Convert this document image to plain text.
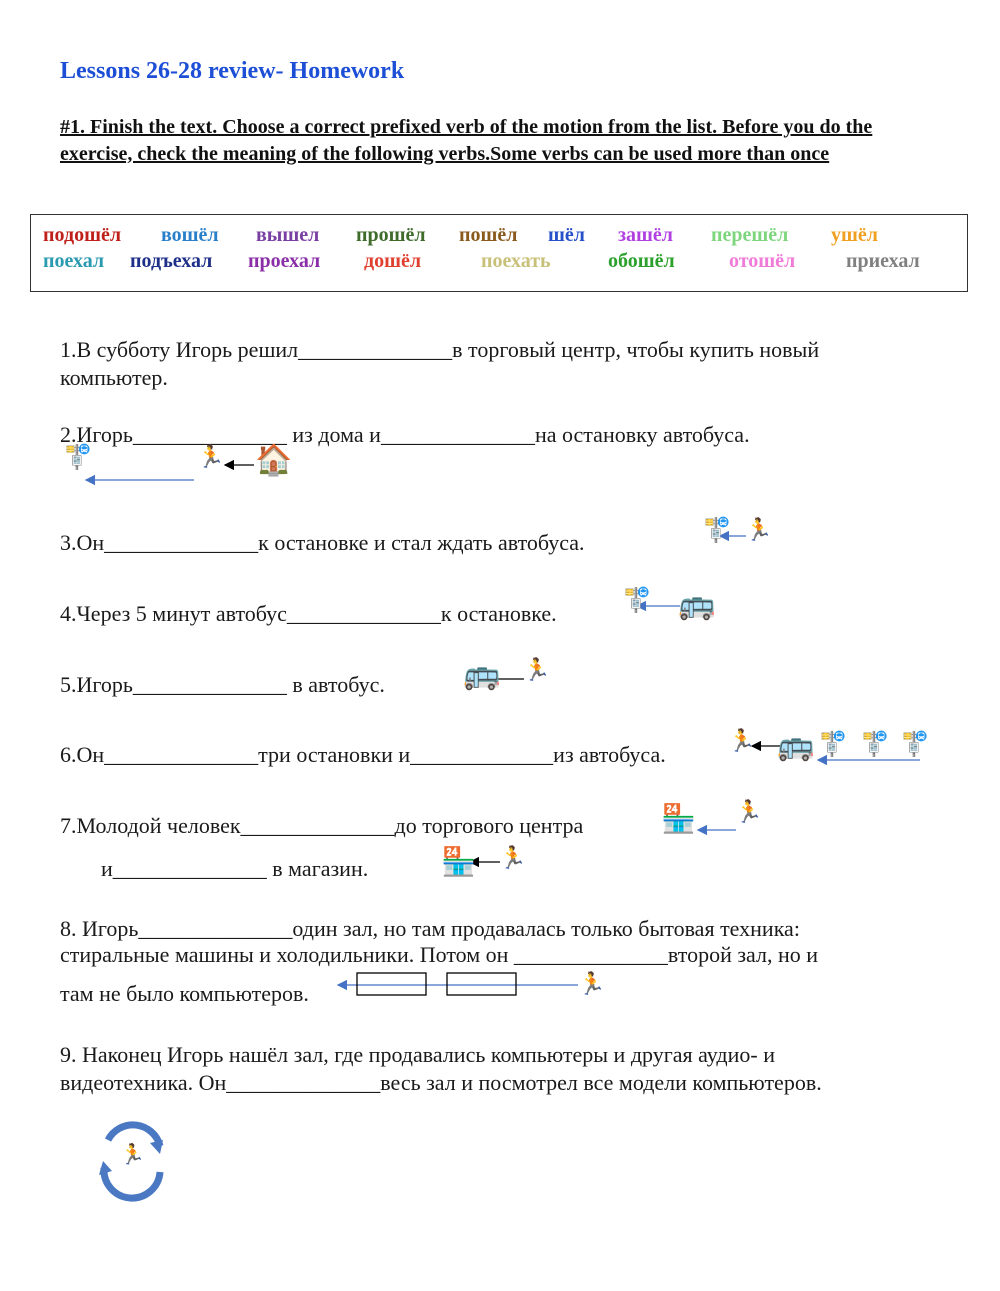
Lessons 26-28 review- Homework
#1. Finish the text. Choose a correct prefixed verb of the motion from the list. Before you do the exercise, check the meaning of the following verbs.Some verbs can be used more than once
подошёл вошёл вышел прошёл пошёл шёл зашёл перешёл ушёл
поехал подъехал проехал дошёл	поехать	обошёл	отошёл	приехал
1.В субботу Игорь решил______________в торговый центр, чтобы купить новый
компьютер.
2.Игорь______________ из дома и______________на остановку автобуса.
3.Он______________к остановке и стал ждать автобуса.
4.Через 5 минут автобус______________к остановке.
5.Игорь______________ в автобус.
6.Он______________три остановки и_____________из автобуса.
7.Молодой человек______________до торгового центра
и______________ в магазин.
8. Игорь______________один зал, но там продавалась только бытовая техника:
стиральные машины и холодильники. Потом он ______________второй зал, но и
там не было компьютеров.
9. Наконец Игорь нашёл зал, где продавались компьютеры и другая аудио- и
видеотехника. Он______________весь зал и посмотрел все модели компьютеров.
🚏	🏃 🏠
🚏 🏃
🚏 🚌
🚌 🏃
🏃 🚌 🚏 🚏 🚏
🏪 🏃
🏪 🏃
🏃
🏃
